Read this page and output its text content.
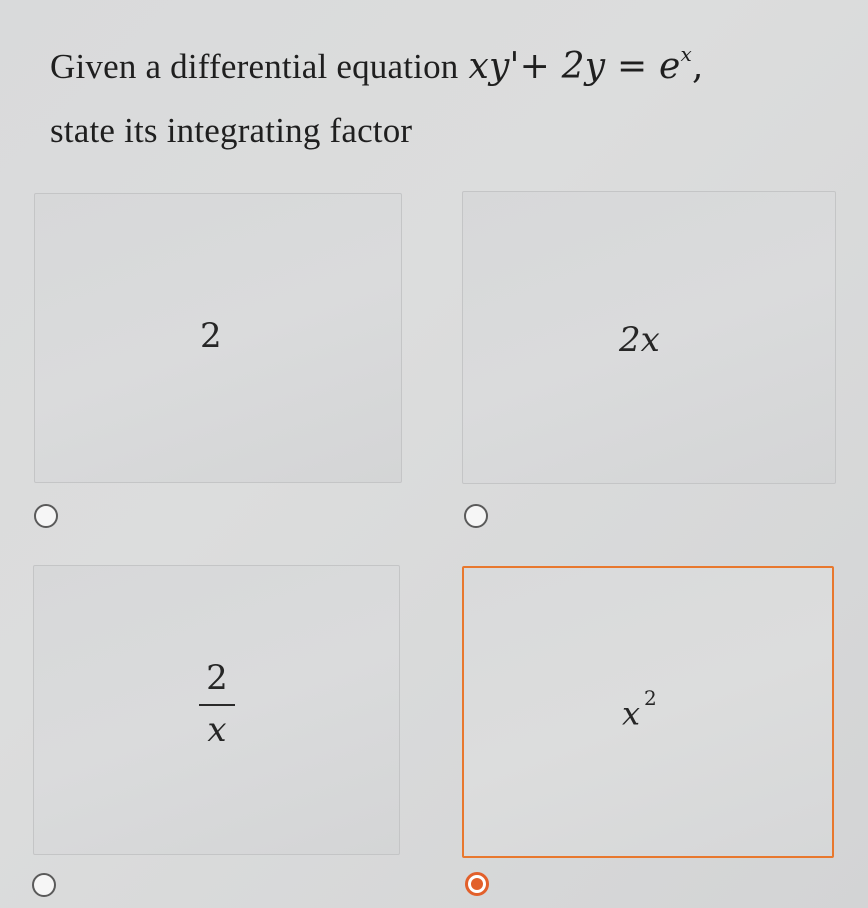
Given a differential equation $xy'+ 2y = e^x$,
state its integrating factor
2	2x
2
x	x $^2$
